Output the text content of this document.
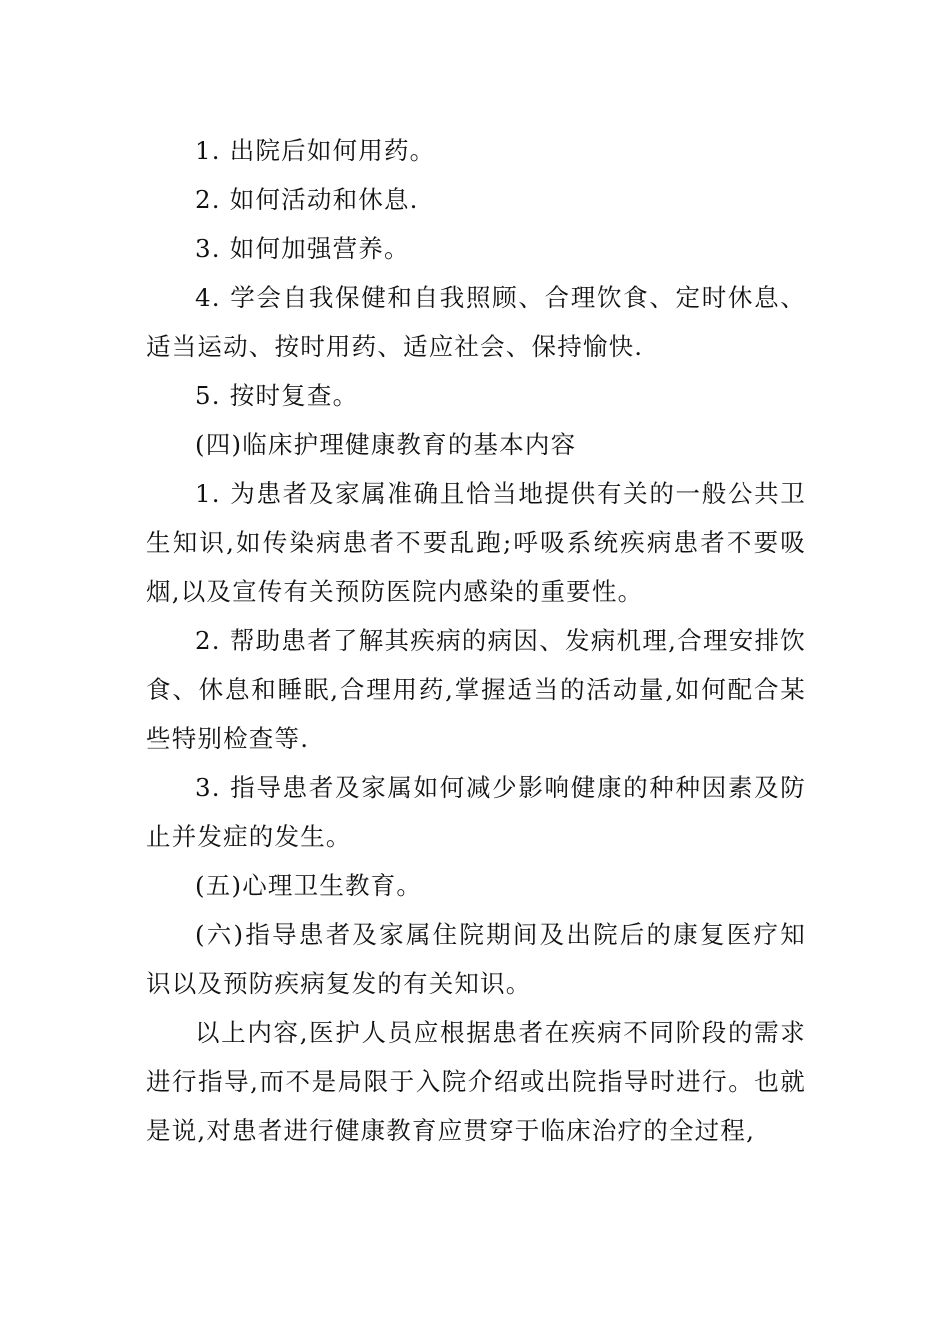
1. 出院后如何用药。

2. 如何活动和休息.

3. 如何加强营养。

4. 学会自我保健和自我照顾、合理饮食、定时休息、适当运动、按时用药、适应社会、保持愉快.

5. 按时复查。

(四)临床护理健康教育的基本内容

1. 为患者及家属准确且恰当地提供有关的一般公共卫生知识,如传染病患者不要乱跑;呼吸系统疾病患者不要吸烟,以及宣传有关预防医院内感染的重要性。

2. 帮助患者了解其疾病的病因、发病机理,合理安排饮食、休息和睡眠,合理用药,掌握适当的活动量,如何配合某些特别检查等.

3. 指导患者及家属如何减少影响健康的种种因素及防止并发症的发生。

(五)心理卫生教育。

(六)指导患者及家属住院期间及出院后的康复医疗知识以及预防疾病复发的有关知识。

以上内容,医护人员应根据患者在疾病不同阶段的需求进行指导,而不是局限于入院介绍或出院指导时进行。也就是说,对患者进行健康教育应贯穿于临床治疗的全过程,
